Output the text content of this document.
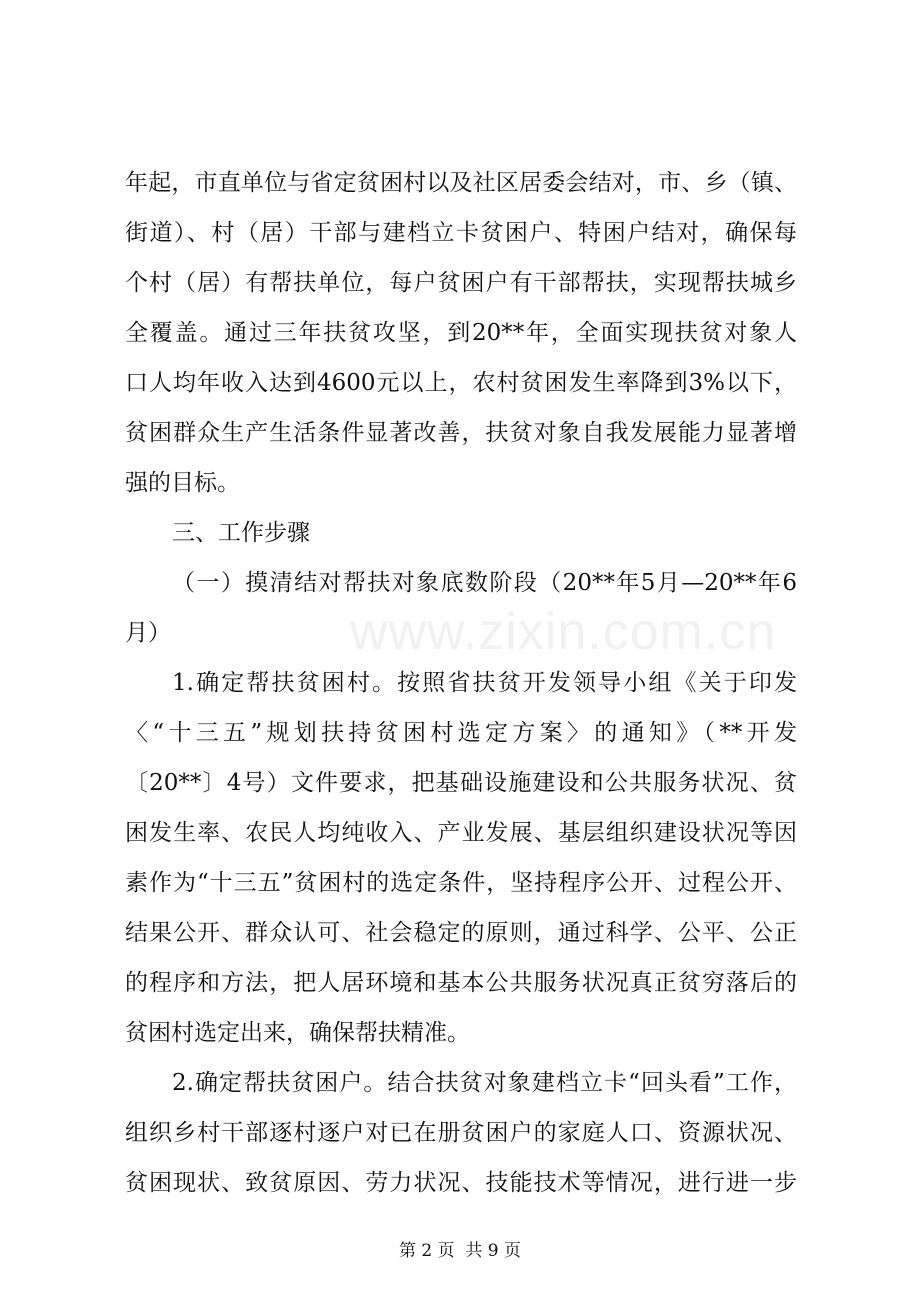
www.zixin.com.cn
年起，市直单位与省定贫困村以及社区居委会结对，市、乡（镇、
街道）、村（居）干部与建档立卡贫困户、特困户结对，确保每
个村（居）有帮扶单位，每户贫困户有干部帮扶，实现帮扶城乡
全覆盖。通过三年扶贫攻坚，到20**年，全面实现扶贫对象人
口人均年收入达到4600元以上，农村贫困发生率降到3%以下，
贫困群众生产生活条件显著改善，扶贫对象自我发展能力显著增
强的目标。
三、工作步骤
（一）摸清结对帮扶对象底数阶段（20**年5月—20**年6
月）
1.确定帮扶贫困村。按照省扶贫开发领导小组《关于印发
〈“十三五”规划扶持贫困村选定方案〉的通知》（**开发
〔20**〕4号）文件要求，把基础设施建设和公共服务状况、贫
困发生率、农民人均纯收入、产业发展、基层组织建设状况等因
素作为“十三五”贫困村的选定条件，坚持程序公开、过程公开、
结果公开、群众认可、社会稳定的原则，通过科学、公平、公正
的程序和方法，把人居环境和基本公共服务状况真正贫穷落后的
贫困村选定出来，确保帮扶精准。
2.确定帮扶贫困户。结合扶贫对象建档立卡“回头看”工作，
组织乡村干部逐村逐户对已在册贫困户的家庭人口、资源状况、
贫困现状、致贫原因、劳力状况、技能技术等情况，进行进一步
第 2 页  共 9 页
